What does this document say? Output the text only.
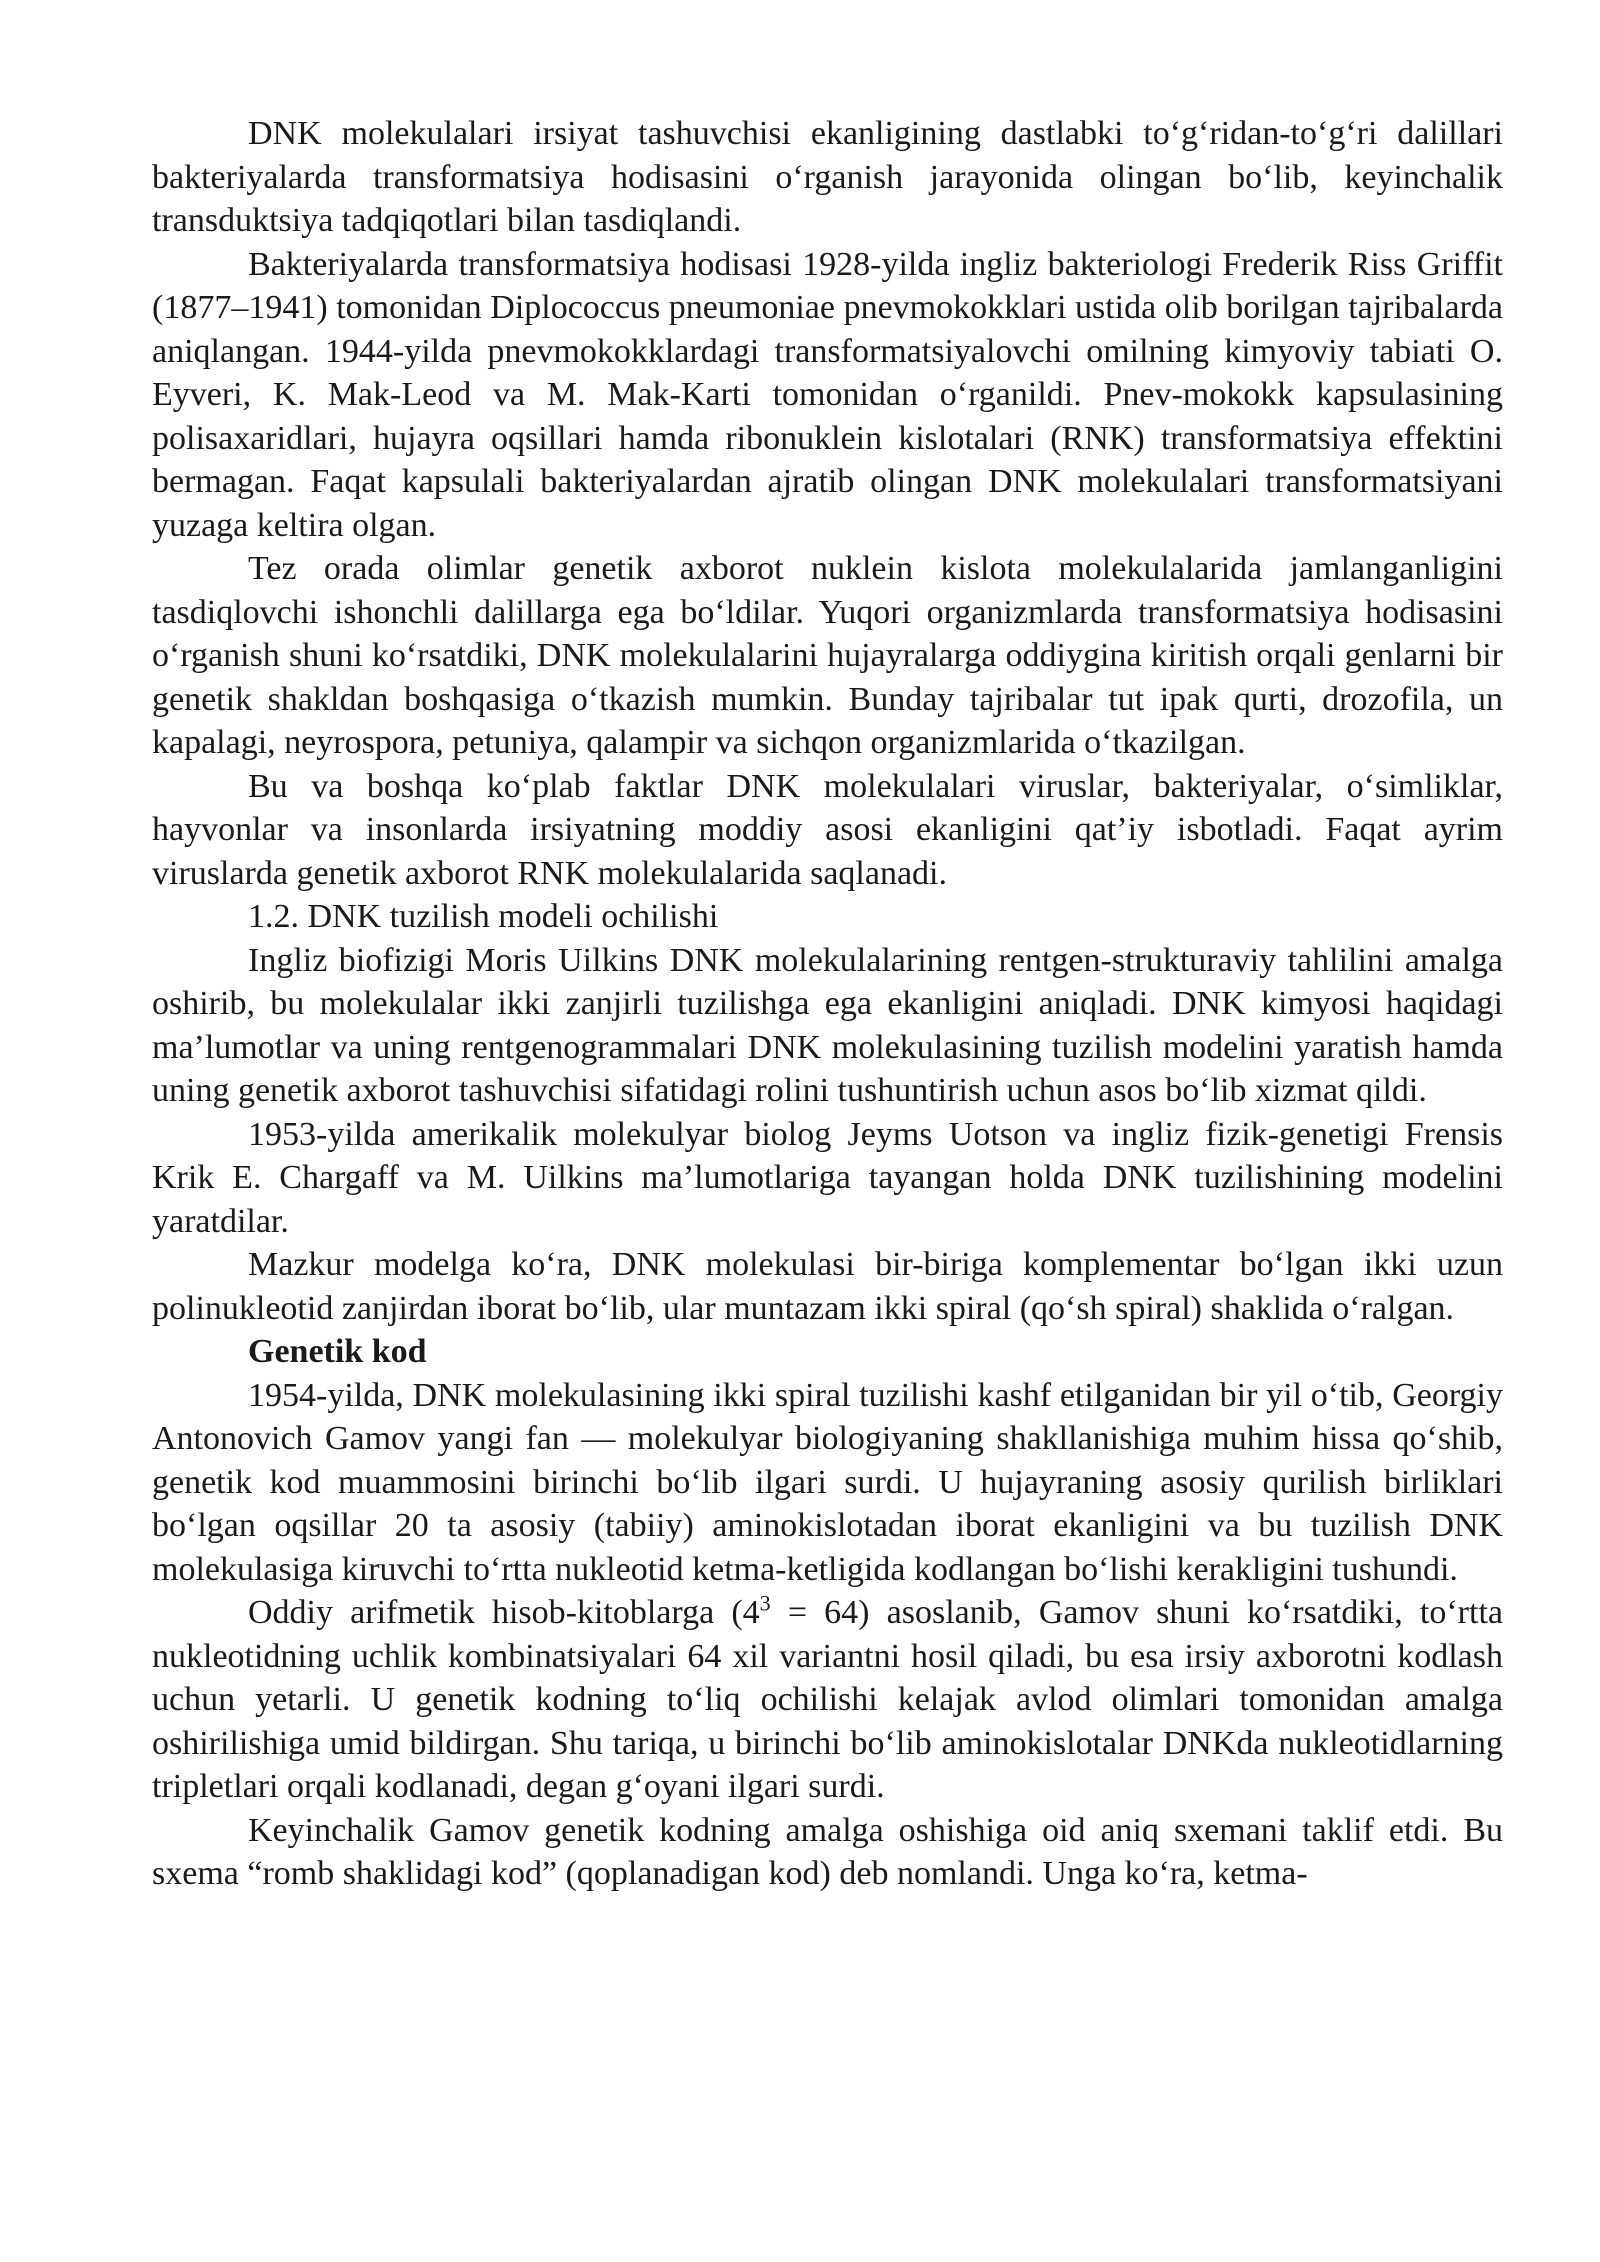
DNK molekulalari irsiyat tashuvchisi ekanligining dastlabki to‘g‘ridan-to‘g‘ri dalillari bakteriyalarda transformatsiya hodisasini o‘rganish jarayonida olingan bo‘lib, keyinchalik transduktsiya tadqiqotlari bilan tasdiqlandi.

Bakteriyalarda transformatsiya hodisasi 1928-yilda ingliz bakteriologi Frederik Riss Griffit (1877–1941) tomonidan Diplococcus pneumoniae pnevmokokklari ustida olib borilgan tajribalarda aniqlangan. 1944-yilda pnevmokokklardagi transformatsiyalovchi omilning kimyoviy tabiati O. Eyveri, K. Mak-Leod va M. Mak-Karti tomonidan o‘rganildi. Pnev-mokokk kapsulasining polisaxaridlari, hujayra oqsillari hamda ribonuklein kislotalari (RNK) transformatsiya effektini bermagan. Faqat kapsulali bakteriyalardan ajratib olingan DNK molekulalari transformatsiyani yuzaga keltira olgan.

Tez orada olimlar genetik axborot nuklein kislota molekulalarida jamlanganligini tasdiqlovchi ishonchli dalillarga ega bo‘ldilar. Yuqori organizmlarda transformatsiya hodisasini o‘rganish shuni ko‘rsatdiki, DNK molekulalarini hujayralarga oddiygina kiritish orqali genlarni bir genetik shakldan boshqasiga o‘tkazish mumkin. Bunday tajribalar tut ipak qurti, drozofila, un kapalagi, neyrospora, petuniya, qalampir va sichqon organizmlarida o‘tkazilgan.

Bu va boshqa ko‘plab faktlar DNK molekulalari viruslar, bakteriyalar, o‘simliklar, hayvonlar va insonlarda irsiyatning moddiy asosi ekanligini qat’iy isbotladi. Faqat ayrim viruslarda genetik axborot RNK molekulalarida saqlanadi.

1.2. DNK tuzilish modeli ochilishi

Ingliz biofizigi Moris Uilkins DNK molekulalarining rentgen-strukturaviy tahlilini amalga oshirib, bu molekulalar ikki zanjirli tuzilishga ega ekanligini aniqladi. DNK kimyosi haqidagi ma’lumotlar va uning rentgenogrammalari DNK molekulasining tuzilish modelini yaratish hamda uning genetik axborot tashuvchisi sifatidagi rolini tushuntirish uchun asos bo‘lib xizmat qildi.

1953-yilda amerikalik molekulyar biolog Jeyms Uotson va ingliz fizik-genetigi Frensis Krik E. Chargaff va M. Uilkins ma’lumotlariga tayangan holda DNK tuzilishining modelini yaratdilar.

Mazkur modelga ko‘ra, DNK molekulasi bir-biriga komplementar bo‘lgan ikki uzun polinukleotid zanjirdan iborat bo‘lib, ular muntazam ikki spiral (qo‘sh spiral) shaklida o‘ralgan.

Genetik kod

1954-yilda, DNK molekulasining ikki spiral tuzilishi kashf etilganidan bir yil o‘tib, Georgiy Antonovich Gamov yangi fan — molekulyar biologiyaning shakllanishiga muhim hissa qo‘shib, genetik kod muammosini birinchi bo‘lib ilgari surdi. U hujayraning asosiy qurilish birliklari bo‘lgan oqsillar 20 ta asosiy (tabiiy) aminokislotadan iborat ekanligini va bu tuzilish DNK molekulasiga kiruvchi to‘rtta nukleotid ketma-ketligida kodlangan bo‘lishi kerakligini tushundi.

Oddiy arifmetik hisob-kitoblarga $(4^3 = 64)$ asoslanib, Gamov shuni ko‘rsatdiki, to‘rtta nukleotidning uchlik kombinatsiyalari 64 xil variantni hosil qiladi, bu esa irsiy axborotni kodlash uchun yetarli. U genetik kodning to‘liq ochilishi kelajak avlod olimlari tomonidan amalga oshirilishiga umid bildirgan. Shu tariqa, u birinchi bo‘lib aminokislotalar DNKda nukleotidlarning tripletlari orqali kodlanadi, degan g‘oyani ilgari surdi.

Keyinchalik Gamov genetik kodning amalga oshishiga oid aniq sxemani taklif etdi. Bu sxema “romb shaklidagi kod” (qoplanadigan kod) deb nomlandi. Unga ko‘ra, ketma-
